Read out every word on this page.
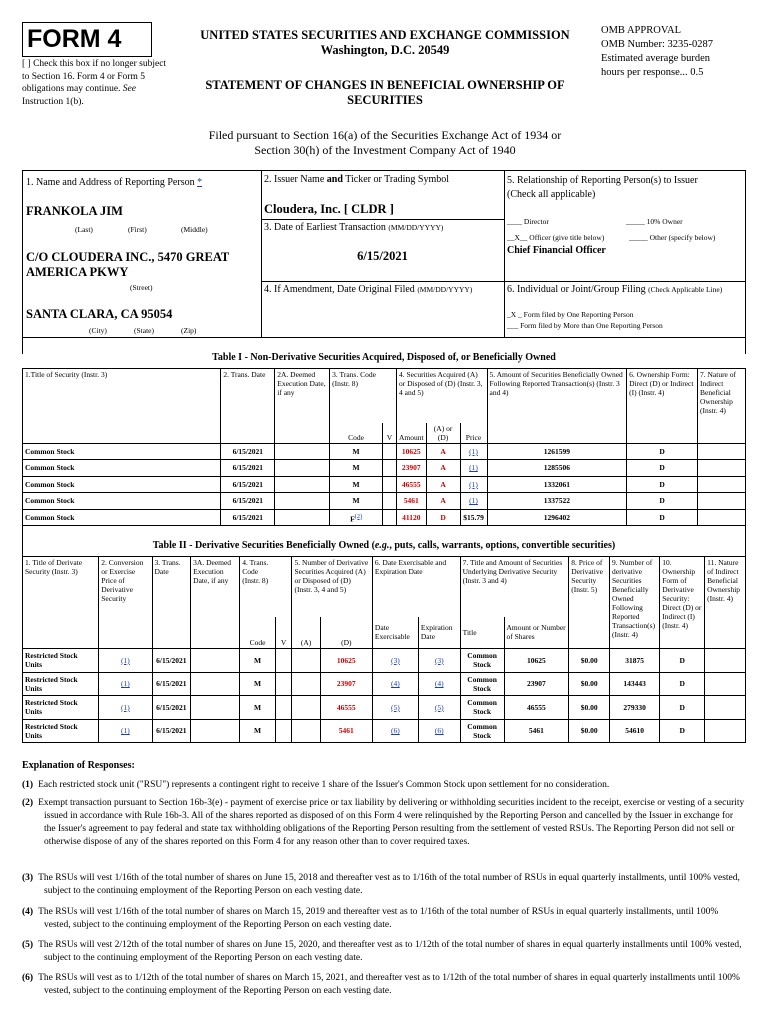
FORM 4
[ ] Check this box if no longer subject to Section 16. Form 4 or Form 5 obligations may continue. See Instruction 1(b).
UNITED STATES SECURITIES AND EXCHANGE COMMISSION
Washington, D.C. 20549
STATEMENT OF CHANGES IN BENEFICIAL OWNERSHIP OF
SECURITIES
OMB APPROVAL
OMB Number: 3235-0287
Estimated average burden
hours per response... 0.5
Filed pursuant to Section 16(a) of the Securities Exchange Act of 1934 or
Section 30(h) of the Investment Company Act of 1940
1. Name and Address of Reporting Person *
FRANKOLA JIM
(Last)	(First)	(Middle)
C/O CLOUDERA INC., 5470 GREAT AMERICA PKWY
(Street)
SANTA CLARA, CA 95054
(City)	(State)	(Zip)
2. Issuer Name and Ticker or Trading Symbol
Cloudera, Inc. [ CLDR ]
3. Date of Earliest Transaction (MM/DD/YYYY)
6/15/2021
4. If Amendment, Date Original Filed (MM/DD/YYYY)
5. Relationship of Reporting Person(s) to Issuer
(Check all applicable)
____ Director	_____ 10% Owner
__X__ Officer (give title below)	_____ Other (specify below)
Chief Financial Officer
6. Individual or Joint/Group Filing (Check Applicable Line)
_X _ Form filed by One Reporting Person
___ Form filed by More than One Reporting Person
Table I - Non-Derivative Securities Acquired, Disposed of, or Beneficially Owned
1.Title of Security (Instr. 3)	2. Trans. Date	2A. Deemed Execution Date, if any	3. Trans. Code (Instr. 8)		4. Securities Acquired (A) or Disposed of (D) (Instr. 3, 4 and 5)			5. Amount of Securities Beneficially Owned Following Reported Transaction(s) (Instr. 3 and 4)	6. Ownership Form: Direct (D) or Indirect (I) (Instr. 4)	7. Nature of Indirect Beneficial Ownership (Instr. 4)
			Code	V	Amount	(A) or (D)	Price			
Common Stock	6/15/2021		M		10625	A	(1)	1261599	D	
Common Stock	6/15/2021		M		23907	A	(1)	1285506	D	
Common Stock	6/15/2021		M		46555	A	(1)	1332061	D	
Common Stock	6/15/2021		M		5461	A	(1)	1337522	D	
Common Stock	6/15/2021		$F^{(2)}$		41120	D	$15.79	1296402	D	
Table II - Derivative Securities Beneficially Owned (e.g., puts, calls, warrants, options, convertible securities)
1. Title of Derivate Security (Instr. 3)	2. Conversion or Exercise Price of Derivative Security	3. Trans. Date	3A. Deemed Execution Date, if any	4. Trans. Code (Instr. 8)		5. Number of Derivative Securities Acquired (A) or Disposed of (D) (Instr. 3, 4 and 5)		6. Date Exercisable and Expiration Date		7. Title and Amount of Securities Underlying Derivative Security (Instr. 3 and 4)		8. Price of Derivative Security (Instr. 5)	9. Number of derivative Securities Beneficially Owned Following Reported Transaction(s) (Instr. 4)	10. Ownership Form of Derivative Security: Direct (D) or Indirect (I) (Instr. 4)	11. Nature of Indirect Beneficial Ownership (Instr. 4)
				Code	V	(A)	(D)	Date Exercisable	Expiration Date	Title	Amount or Number of Shares				
Restricted Stock Units	(1)	6/15/2021		M			10625	(3)	(3)	Common Stock	10625	$0.00	31875	D	
Restricted Stock Units	(1)	6/15/2021		M			23907	(4)	(4)	Common Stock	23907	$0.00	143443	D	
Restricted Stock Units	(1)	6/15/2021		M			46555	(5)	(5)	Common Stock	46555	$0.00	279330	D	
Restricted Stock Units	(1)	6/15/2021		M			5461	(6)	(6)	Common Stock	5461	$0.00	54610	D	
Explanation of Responses:
(1) Each restricted stock unit ("RSU") represents a contingent right to receive 1 share of the Issuer's Common Stock upon settlement for no consideration.
(2) Exempt transaction pursuant to Section 16b-3(e) - payment of exercise price or tax liability by delivering or withholding securities incident to the receipt, exercise or vesting of a security issued in accordance with Rule 16b-3. All of the shares reported as disposed of on this Form 4 were relinquished by the Reporting Person and cancelled by the Issuer in exchange for the Issuer's agreement to pay federal and state tax withholding obligations of the Reporting Person resulting from the settlement of vested RSUs. The Reporting Person did not sell or otherwise dispose of any of the shares reported on this Form 4 for any reason other than to cover required taxes.
(3) The RSUs will vest 1/16th of the total number of shares on June 15, 2018 and thereafter vest as to 1/16th of the total number of RSUs in equal quarterly installments, until 100% vested, subject to the continuing employment of the Reporting Person on each vesting date.
(4) The RSUs will vest 1/16th of the total number of shares on March 15, 2019 and thereafter vest as to 1/16th of the total number of RSUs in equal quarterly installments, until 100% vested, subject to the continuing employment of the Reporting Person on each vesting date.
(5) The RSUs will vest 2/12th of the total number of shares on June 15, 2020, and thereafter vest as to 1/12th of the total number of shares in equal quarterly installments until 100% vested, subject to the continuing employment of the Reporting Person on each vesting date.
(6) The RSUs will vest as to 1/12th of the total number of shares on March 15, 2021, and thereafter vest as to 1/12th of the total number of shares in equal quarterly installments until 100% vested, subject to the continuing employment of the Reporting Person on each vesting date.
